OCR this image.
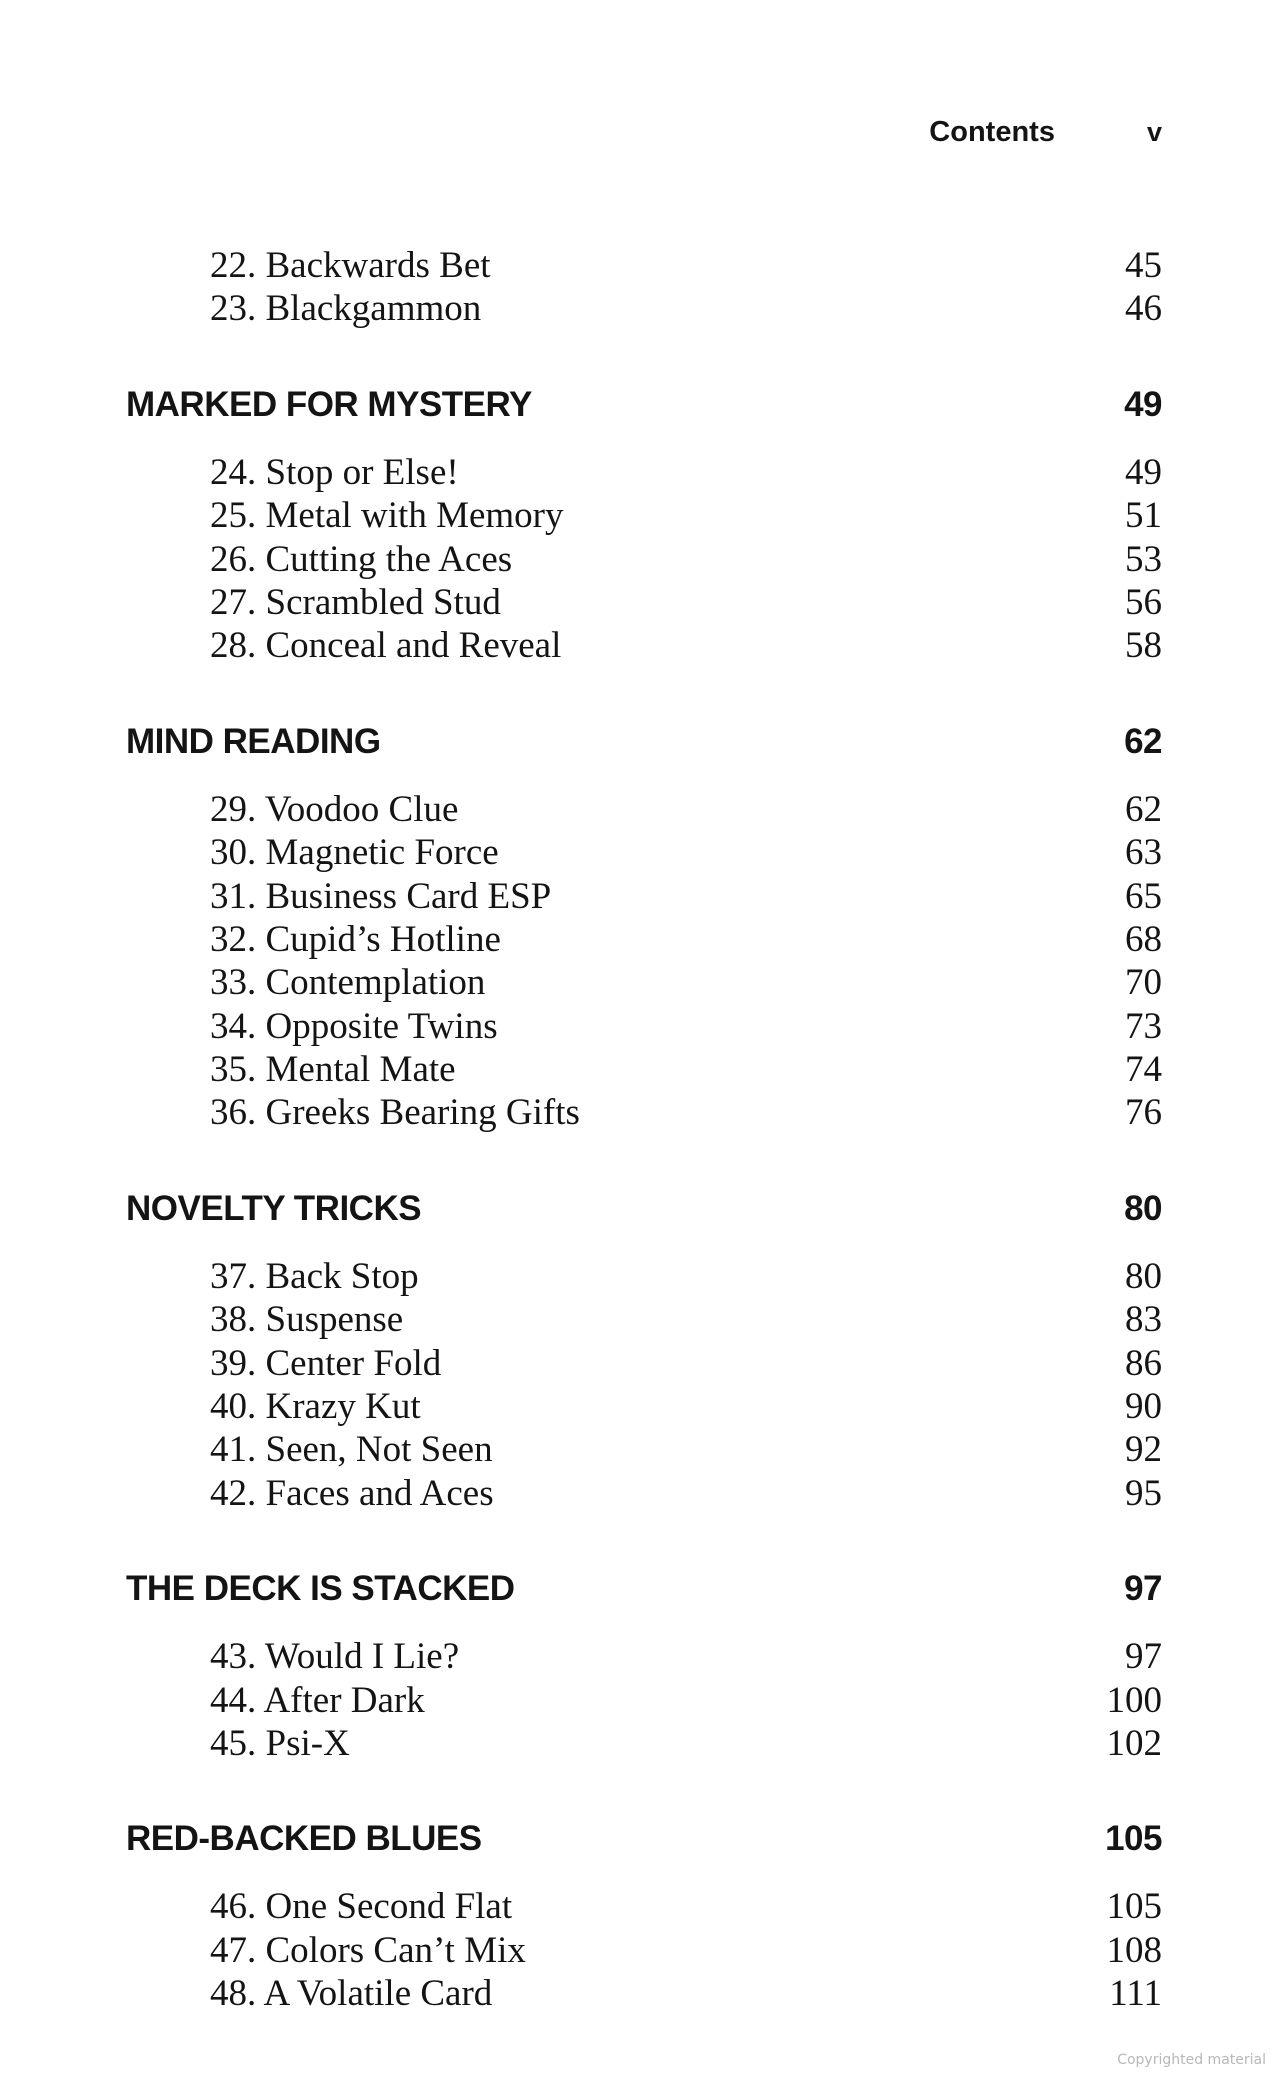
Contents	v
22. Backwards Bet	45
23. Blackgammon	46
MARKED FOR MYSTERY	49
24. Stop or Else!	49
25. Metal with Memory	51
26. Cutting the Aces	53
27. Scrambled Stud	56
28. Conceal and Reveal	58
MIND READING	62
29. Voodoo Clue	62
30. Magnetic Force	63
31. Business Card ESP	65
32. Cupid’s Hotline	68
33. Contemplation	70
34. Opposite Twins	73
35. Mental Mate	74
36. Greeks Bearing Gifts	76
NOVELTY TRICKS	80
37. Back Stop	80
38. Suspense	83
39. Center Fold	86
40. Krazy Kut	90
41. Seen, Not Seen	92
42. Faces and Aces	95
THE DECK IS STACKED	97
43. Would I Lie?	97
44. After Dark	100
45. Psi-X	102
RED-BACKED BLUES	105
46. One Second Flat	105
47. Colors Can’t Mix	108
48. A Volatile Card	111
Copyrighted material
